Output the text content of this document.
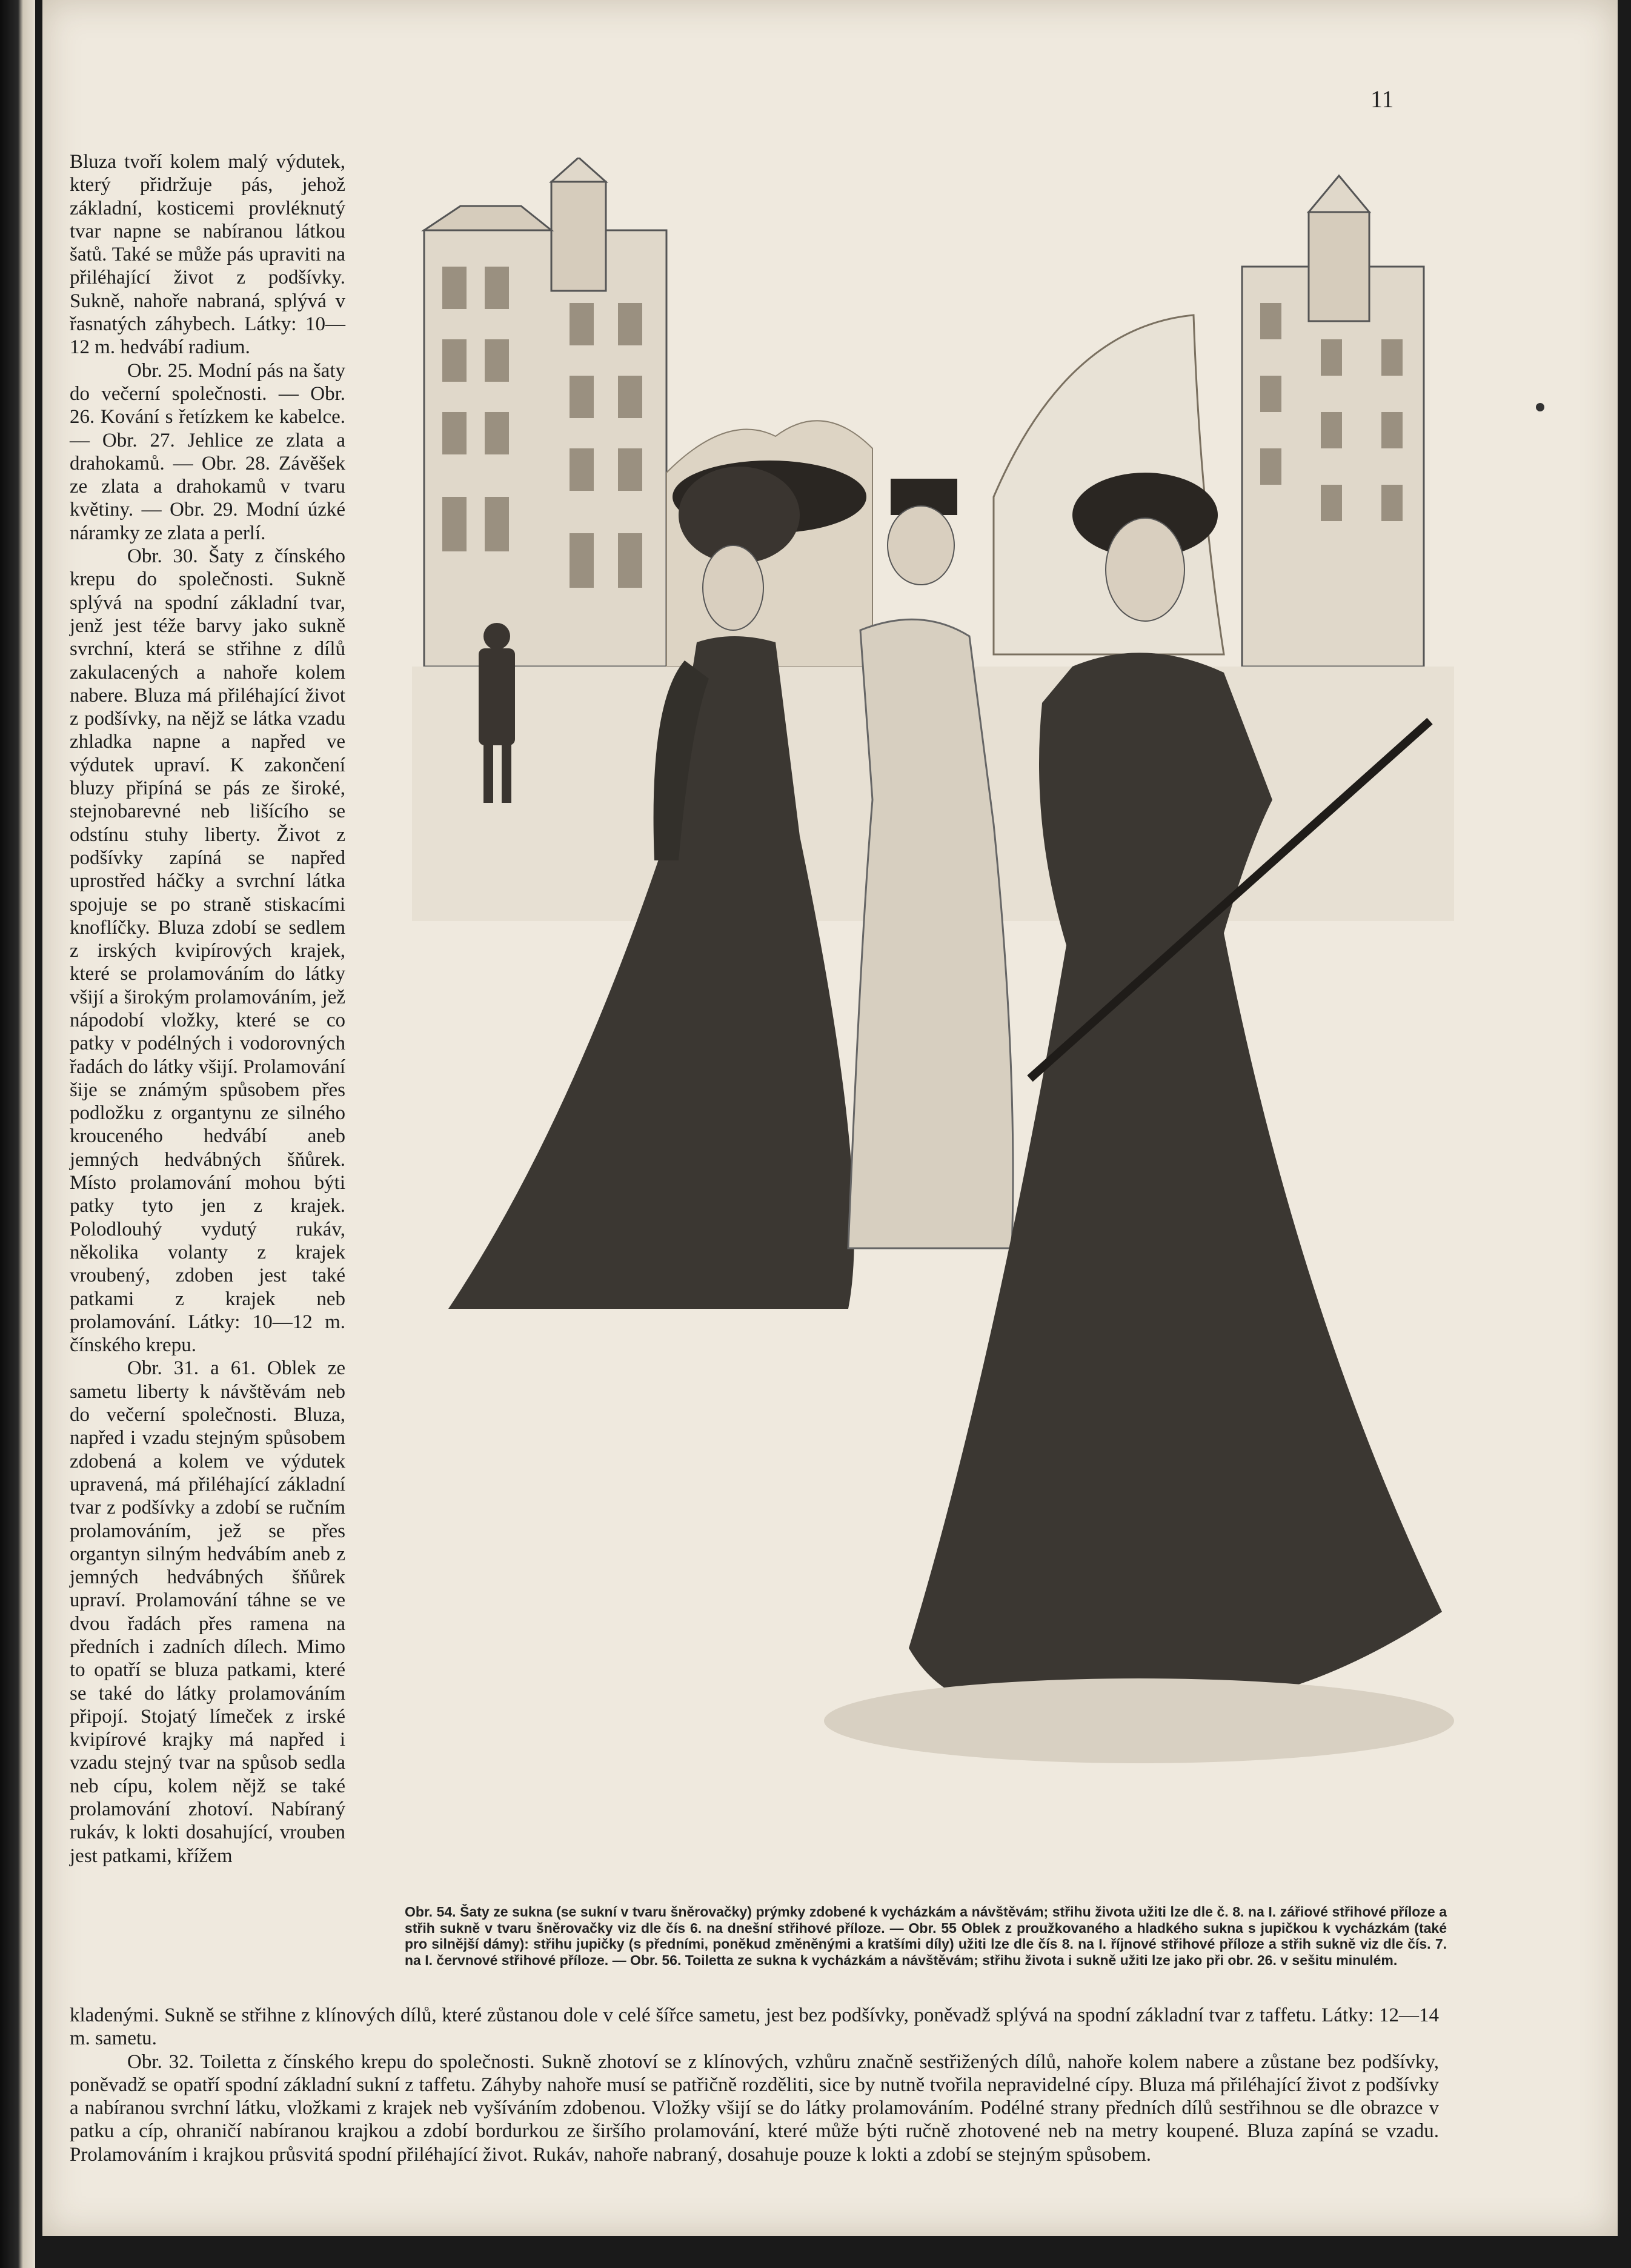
11

Bluza tvoří kolem malý výdutek, který přidržuje pás, jehož základní, kosticemi provléknutý tvar napne se nabíranou látkou šatů. Také se může pás upraviti na přiléhající život z podšívky. Sukně, nahoře nabraná, splývá v řasnatých záhybech. Látky: 10—12 m. hedvábí radium.

Obr. 25. Modní pás na šaty do večerní společnosti. — Obr. 26. Kování s řetízkem ke kabelce. — Obr. 27. Jehlice ze zlata a drahokamů. — Obr. 28. Závěšek ze zlata a drahokamů v tvaru květiny. — Obr. 29. Modní úzké náramky ze zlata a perlí.

Obr. 30. Šaty z čínského krepu do společnosti. Sukně splývá na spodní základní tvar, jenž jest téže barvy jako sukně svrchní, která se střihne z dílů zakulacených a nahoře kolem nabere. Bluza má přiléhající život z podšívky, na nějž se látka vzadu zhladka napne a napřed ve výdutek upraví. K zakončení bluzy připíná se pás ze široké, stejnobarevné neb lišícího se odstínu stuhy liberty. Život z podšívky zapíná se napřed uprostřed háčky a svrchní látka spojuje se po straně stiskacími knoflíčky. Bluza zdobí se sedlem z irských kvipírových krajek, které se prolamováním do látky všijí a širokým prolamováním, jež nápodobí vložky, které se co patky v podélných i vodorovných řadách do látky všijí. Prolamování šije se známým spůsobem přes podložku z organtynu ze silného krouceného hedvábí aneb jemných hedvábných šňůrek. Místo prolamování mohou býti patky tyto jen z krajek. Polodlouhý vydutý rukáv, několika volanty z krajek vroubený, zdoben jest také patkami z krajek neb prolamování. Látky: 10—12 m. čínského krepu.

Obr. 31. a 61. Oblek ze sametu liberty k návštěvám neb do večerní společnosti. Bluza, napřed i vzadu stejným spůsobem zdobená a kolem ve výdutek upravená, má přiléhající základní tvar z podšívky a zdobí se ručním prolamováním, jež se přes organtyn silným hedvábím aneb z jemných hedvábných šňůrek upraví. Prolamování táhne se ve dvou řadách přes ramena na předních i zadních dílech. Mimo to opatří se bluza patkami, které se také do látky prolamováním připojí. Stojatý límeček z irské kvipírové krajky má napřed i vzadu stejný tvar na spůsob sedla neb cípu, kolem nějž se také prolamování zhotoví. Nabíraný rukáv, k lokti dosahující, vrouben jest patkami, křížem

Obr. 54. Šaty ze sukna (se sukní v tvaru šněrovačky) prýmky zdobené k vycházkám a návštěvám; střihu života užiti lze dle č. 8. na I. zářiové střihové příloze a střih sukně v tvaru šněrovačky viz dle čís 6. na dnešní střihové příloze. — Obr. 55 Oblek z proužkovaného a hladkého sukna s jupičkou k vycházkám (také pro silnější dámy): střihu jupičky (s předními, poněkud změněnými a kratšími díly) užiti lze dle čís 8. na I. říjnové střihové příloze a střih sukně viz dle čís. 7. na I. červnové střihové příloze. — Obr. 56. Toiletta ze sukna k vycházkám a návštěvám; střihu života i sukně užiti lze jako při obr. 26. v sešitu minulém.

kladenými. Sukně se střihne z klínových dílů, které zůstanou dole v celé šířce sametu, jest bez podšívky, poněvadž splývá na spodní základní tvar z taffetu. Látky: 12—14 m. sametu.

Obr. 32. Toiletta z čínského krepu do společnosti. Sukně zhotoví se z klínových, vzhůru značně sestřižených dílů, nahoře kolem nabere a zůstane bez podšívky, poněvadž se opatří spodní základní sukní z taffetu. Záhyby nahoře musí se patřičně rozděliti, sice by nutně tvořila nepravidelné cípy. Bluza má přiléhající život z podšívky a nabíranou svrchní látku, vložkami z krajek neb vyšíváním zdobenou. Vložky všijí se do látky prolamováním. Podélné strany předních dílů sestřihnou se dle obrazce v patku a cíp, ohraničí nabíranou krajkou a zdobí bordurkou ze širšího prolamování, které může býti ručně zhotovené neb na metry koupené. Bluza zapíná se vzadu. Prolamováním i krajkou průsvitá spodní přiléhající život. Rukáv, nahoře nabraný, dosahuje pouze k lokti a zdobí se stejným spůsobem.
